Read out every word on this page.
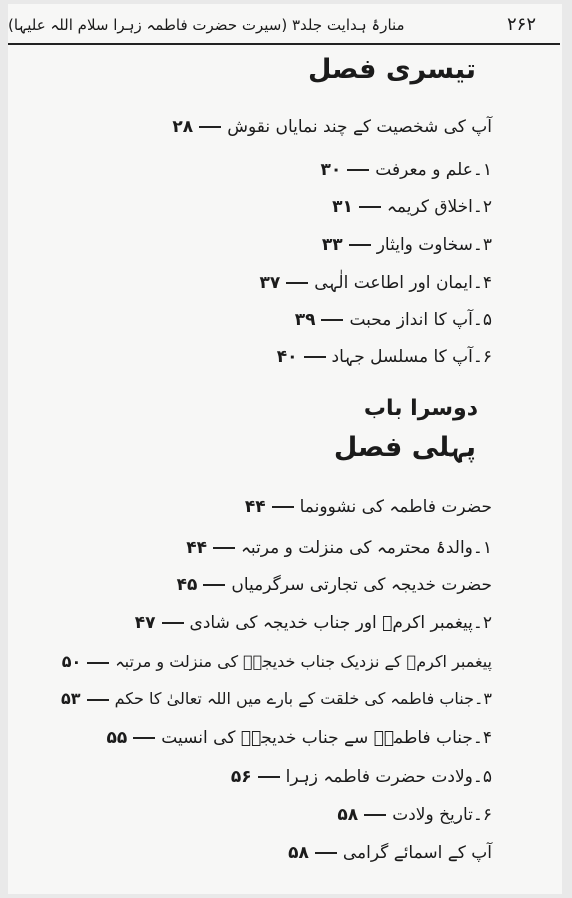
۲۶۲
منارۂ ہدایت جلد۳ (سیرت حضرت فاطمہ زہرا سلام اللہ علیہا)
تیسری فصل
آپ کی شخصیت کے چند نمایاں نقوش۲۸
۱۔علم و معرفت۳۰
۲۔اخلاق کریمہ۳۱
۳۔سخاوت وایثار۳۳
۴۔ایمان اور اطاعت الٰہی۳۷
۵۔آپ کا انداز محبت۳۹
۶۔آپ کا مسلسل جہاد۴۰
دوسرا باب
پہلی فصل
حضرت فاطمہ کی نشوونما۴۴
۱۔والدۂ محترمہ کی منزلت و مرتبہ۴۴
حضرت خدیجہ کی تجارتی سرگرمیاں۴۵
۲۔پیغمبر اکرمؐ اور جناب خدیجہ کی شادی۴۷
پیغمبر اکرمؐ کے نزدیک جناب خدیجہؑ کی منزلت و مرتبہ۵۰
۳۔جناب فاطمہ کی خلقت کے بارے میں اللہ تعالیٰ کا حکم۵۳
۴۔جناب فاطمہؑ سے جناب خدیجہؑ کی انسیت۵۵
۵۔ولادت حضرت فاطمہ زہرا۵۶
۶۔تاریخ ولادت۵۸
آپ کے اسمائے گرامی۵۸
